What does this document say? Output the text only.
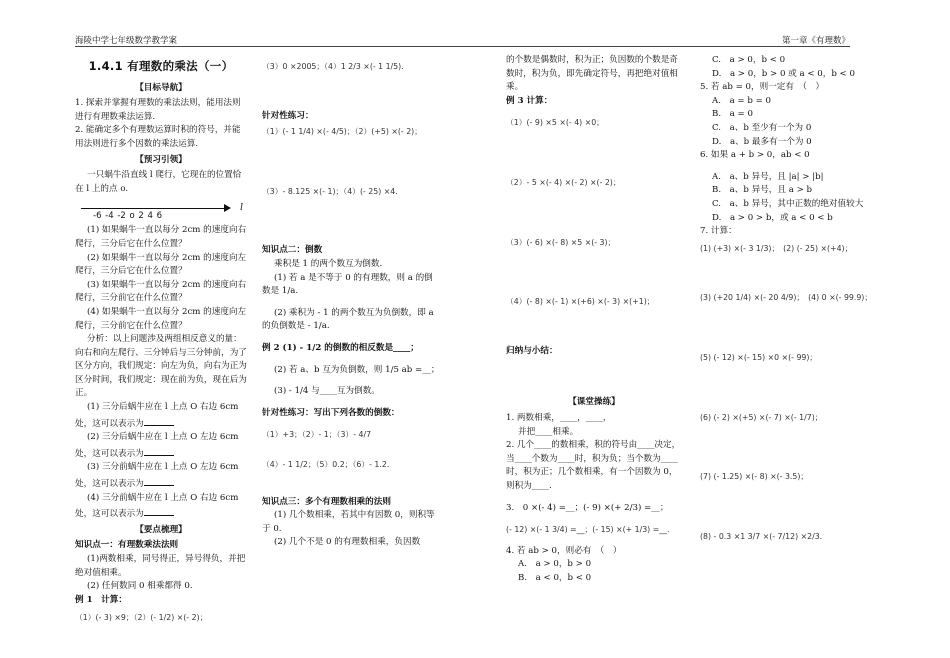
海陵中学七年级数学教学案	第一章《有理数》

1.4.1 有理数的乘法（一）

【目标导航】

1. 探索并掌握有理数的乘法法则，能用法则进行有理数乘法运算.

2. 能确定多个有理数运算时积的符号，并能用法则进行多个因数的乘法运算.

【预习引领】

一只蜗牛沿直线 l 爬行，它现在的位置恰在 l 上的点 o.

-6 -4 -2 o 2 4 6
l

(1) 如果蜗牛一直以每分 2cm 的速度向右爬行，三分后它在什么位置？

(2) 如果蜗牛一直以每分 2cm 的速度向左爬行，三分后它在什么位置？

(3) 如果蜗牛一直以每分 2cm 的速度向右爬行，三分前它在什么位置？

(4) 如果蜗牛一直以每分 2cm 的速度向左爬行，三分前它在什么位置？

分析：以上问题涉及两组相反意义的量：向右和向左爬行、三分钟后与三分钟前，为了区分方向，我们规定：向左为负，向右为正为区分时间，我们规定：现在前为负，现在后为正。

(1) 三分后蜗牛应在 l 上点 O 右边 6cm 处，这可以表示为

(2) 三分后蜗牛应在 l 上点 O 左边 6cm 处，这可以表示为

(3) 三分前蜗牛应在 l 上点 O 左边 6cm 处，这可以表示为

(4) 三分前蜗牛应在 l 上点 O 右边 6cm 处，这可以表示为

【要点梳理】

知识点一：有理数乘法法则

(1)两数相乘，同号得正，异号得负，并把绝对值相乘。

(2) 任何数同 0 相乘都得 0.

例 1　计算：

（1）(- 3) ×9；（2）(- 1/2) ×(- 2)；

（3）0 ×2005；（4）1 2/3 ×(- 1 1/5)．

针对性练习：

（1）(- 1 1/4) ×(- 4/5)；（2）(+5) ×(- 2)；

（3）- 8.125 ×(- 1)；（4）(- 25) ×4．

知识点二：倒数

乘积是 1 的两个数互为倒数.

(1) 若 a 是不等于 0 的有理数，则 a 的倒数是 1/a.

(2) 乘积为 - 1 的两个数互为负倒数，即 a 的负倒数是 - 1/a.

例 2 (1) - 1/2 的倒数的相反数是____；

(2) 若 a、b 互为负倒数，则 1/5 ab =__；

(3) - 1/4 与____互为倒数。

针对性练习：写出下列各数的倒数：

（1）+3；（2）- 1；（3）- 4/7

（4）- 1 1/2；（5）0.2；（6）- 1.2．

知识点三：多个有理数相乘的法则

(1) 几个数相乘，若其中有因数 0，则积等于 0.

(2) 几个不是 0 的有理数相乘，负因数

的个数是偶数时，积为正；负因数的个数是奇数时，积为负，即先确定符号，再把绝对值相乘。

例 3 计算：

（1）(- 9) ×5 ×(- 4) ×0；

（2）- 5 ×(- 4) ×(- 2) ×(- 2)；

（3）(- 6) ×(- 8) ×5 ×(- 3)；

（4）(- 8) ×(- 1) ×(+6) ×(- 3) ×(+1)；

归纳与小结：

【课堂操练】

1. 两数相乘，____，____，

并把____相乘。

2. 几个____的数相乘，积的符号由____决定，当____个数为____时，积为负；当个数为____时，积为正；几个数相乘，有一个因数为 0，则积为____.

3.　0 ×(- 4) =__；(- 9) ×(+ 2/3) =__；

(- 12) ×(- 1 3/4) =__；(- 15) ×(+ 1/3) =__.

4. 若 ab > 0，则必有　（　）

A.　a > 0，b > 0

B.　a < 0，b < 0

C.　a > 0，b < 0

D.　a > 0，b > 0 或 a < 0，b < 0

5. 若 ab = 0，则一定有　（　）

A.　a = b = 0

B.　a = 0

C.　a、b 至少有一个为 0

D.　a、b 最多有一个为 0

6. 如果 a + b > 0，ab < 0

A.　a、b 异号，且 |a| > |b|

B.　a、b 异号，且 a > b

C.　a、b 异号，其中正数的绝对值较大

D.　a > 0 > b，或 a < 0 < b

7. 计算：

(1) (+3) ×(- 3 1/3)；　(2) (- 25) ×(+4)；

(3) (+20 1/4) ×(- 20 4/9)；　(4) 0 ×(- 99.9)；

(5) (- 12) ×(- 15) ×0 ×(- 99)；

(6) (- 2) ×(+5) ×(- 7) ×(- 1/7)；

(7) (- 1.25) ×(- 8) ×(- 3.5)；

(8) - 0.3 ×1 3/7 ×(- 7/12) ×2/3.
